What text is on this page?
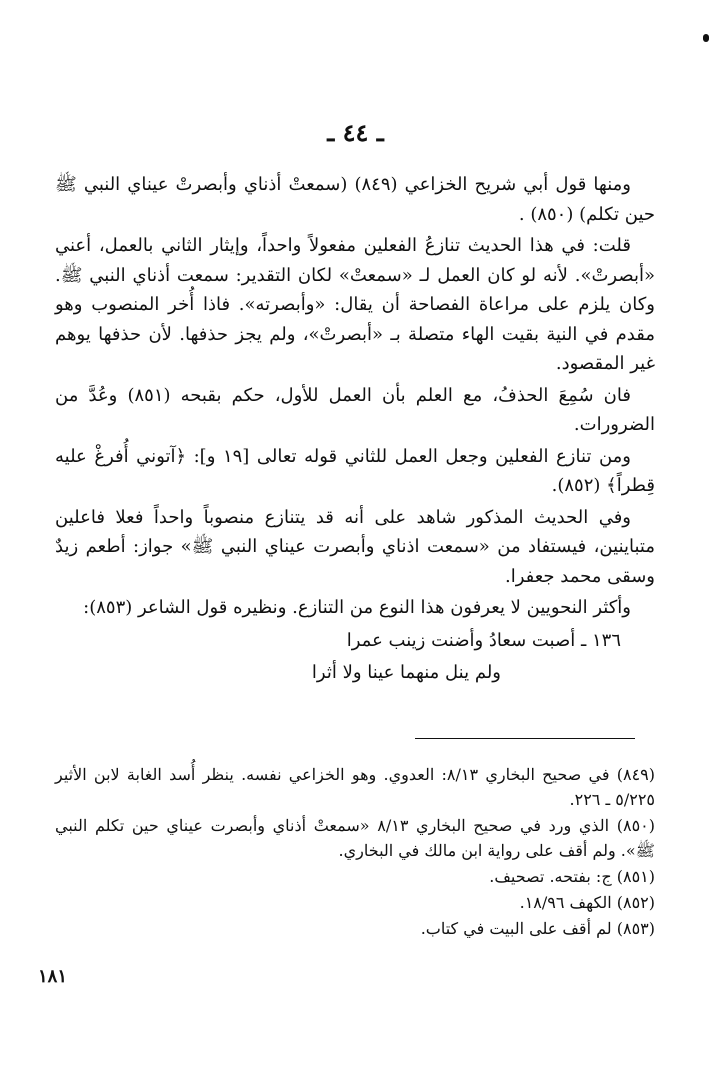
ـ ٤٤ ـ

ومنها قول أبي شريح الخزاعي (٨٤٩) (سمعتْ أذناي وأبصرتْ عيناي النبي ﷺ حين تكلم) (٨٥٠) .

قلت: في هذا الحديث تنازعُ الفعلين مفعولاً واحداً، وإيثار الثاني بالعمل، أعني «أبصرتْ». لأنه لو كان العمل لـ «سمعتْ» لكان التقدير: سمعت أذناي النبي ﷺ. وكان يلزم على مراعاة الفصاحة أن يقال: «وأبصرته». فاذا أُخر المنصوب وهو مقدم في النية بقيت الهاء متصلة بـ «أبصرتْ»، ولم يجز حذفها. لأن حذفها يوهم غير المقصود.

فان سُمِعَ الحذفُ، مع العلم بأن العمل للأول، حكم بقبحه (٨٥١) وعُدَّ من الضرورات.

ومن تنازع الفعلين وجعل العمل للثاني قوله تعالى [١٩ و]: ﴿آتوني أُفرغْ عليه قِطراً﴾ (٨٥٢).

وفي الحديث المذكور شاهد على أنه قد يتنازع منصوباً واحداً فعلا فاعلين متباينين، فيستفاد من «سمعت اذناي وأبصرت عيناي النبي ﷺ» جواز: أطعم زيدٌ وسقى محمد جعفرا.

وأكثر النحويين لا يعرفون هذا النوع من التنازع. ونظيره قول الشاعر (٨٥٣):

١٣٦ ـ أصبت سعادُ وأضنت زينب عمرا
ولم ينل منهما عينا ولا أثرا

(٨٤٩) في صحيح البخاري ٨/١٣: العدوي. وهو الخزاعي نفسه. ينظر أُسد الغابة لابن الأثير ٥/٢٢٥ ـ ٢٢٦.

(٨٥٠) الذي ورد في صحيح البخاري ٨/١٣ «سمعتْ أذناي وأبصرت عيناي حين تكلم النبي ﷺ». ولم أقف على رواية ابن مالك في البخاري.

(٨٥١) ج: بفتحه. تصحيف.

(٨٥٢) الكهف ١٨/٩٦.

(٨٥٣) لم أقف على البيت في كتاب.

١٨١
